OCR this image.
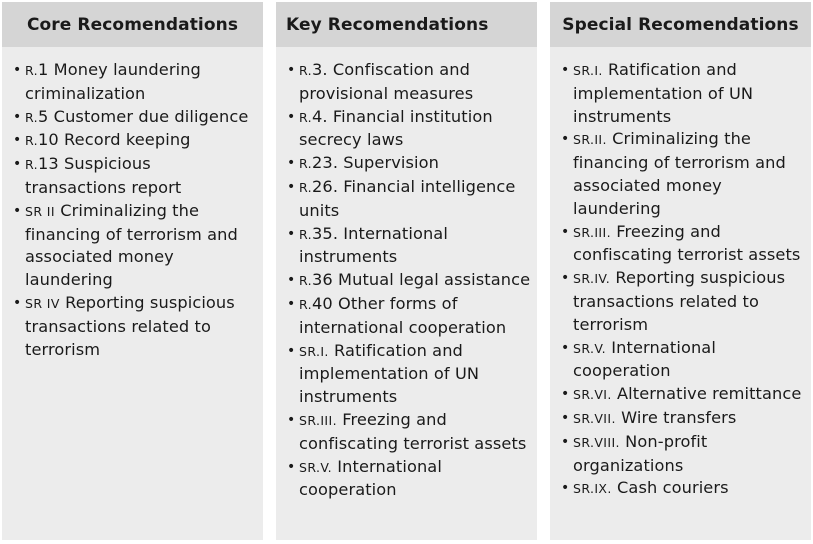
Core Recomendations
• R.1 Money laundering criminalization
• R.5 Customer due diligence
• R.10 Record keeping
• R.13 Suspicious transactions report
• SR II Criminalizing the financing of terrorism and associated money laundering
• SR IV Reporting suspicious transactions related to terrorism
Key Recomendations
• R.3. Confiscation and provisional measures
• R.4. Financial institution secrecy laws
• R.23. Supervision
• R.26. Financial intelligence units
• R.35. International instruments
• R.36 Mutual legal assistance
• R.40 Other forms of international cooperation
• SR.I. Ratification and implementation of UN instruments
• SR.III. Freezing and confiscating terrorist assets
• SR.V. International cooperation
Special Recomendations
• SR.I. Ratification and implementation of UN instruments
• SR.II. Criminalizing the financing of terrorism and associated money laundering
• SR.III. Freezing and confiscating terrorist assets
• SR.IV. Reporting suspicious transactions related to terrorism
• SR.V. International cooperation
• SR.VI. Alternative remittance
• SR.VII. Wire transfers
• SR.VIII. Non-profit organizations
• SR.IX. Cash couriers
